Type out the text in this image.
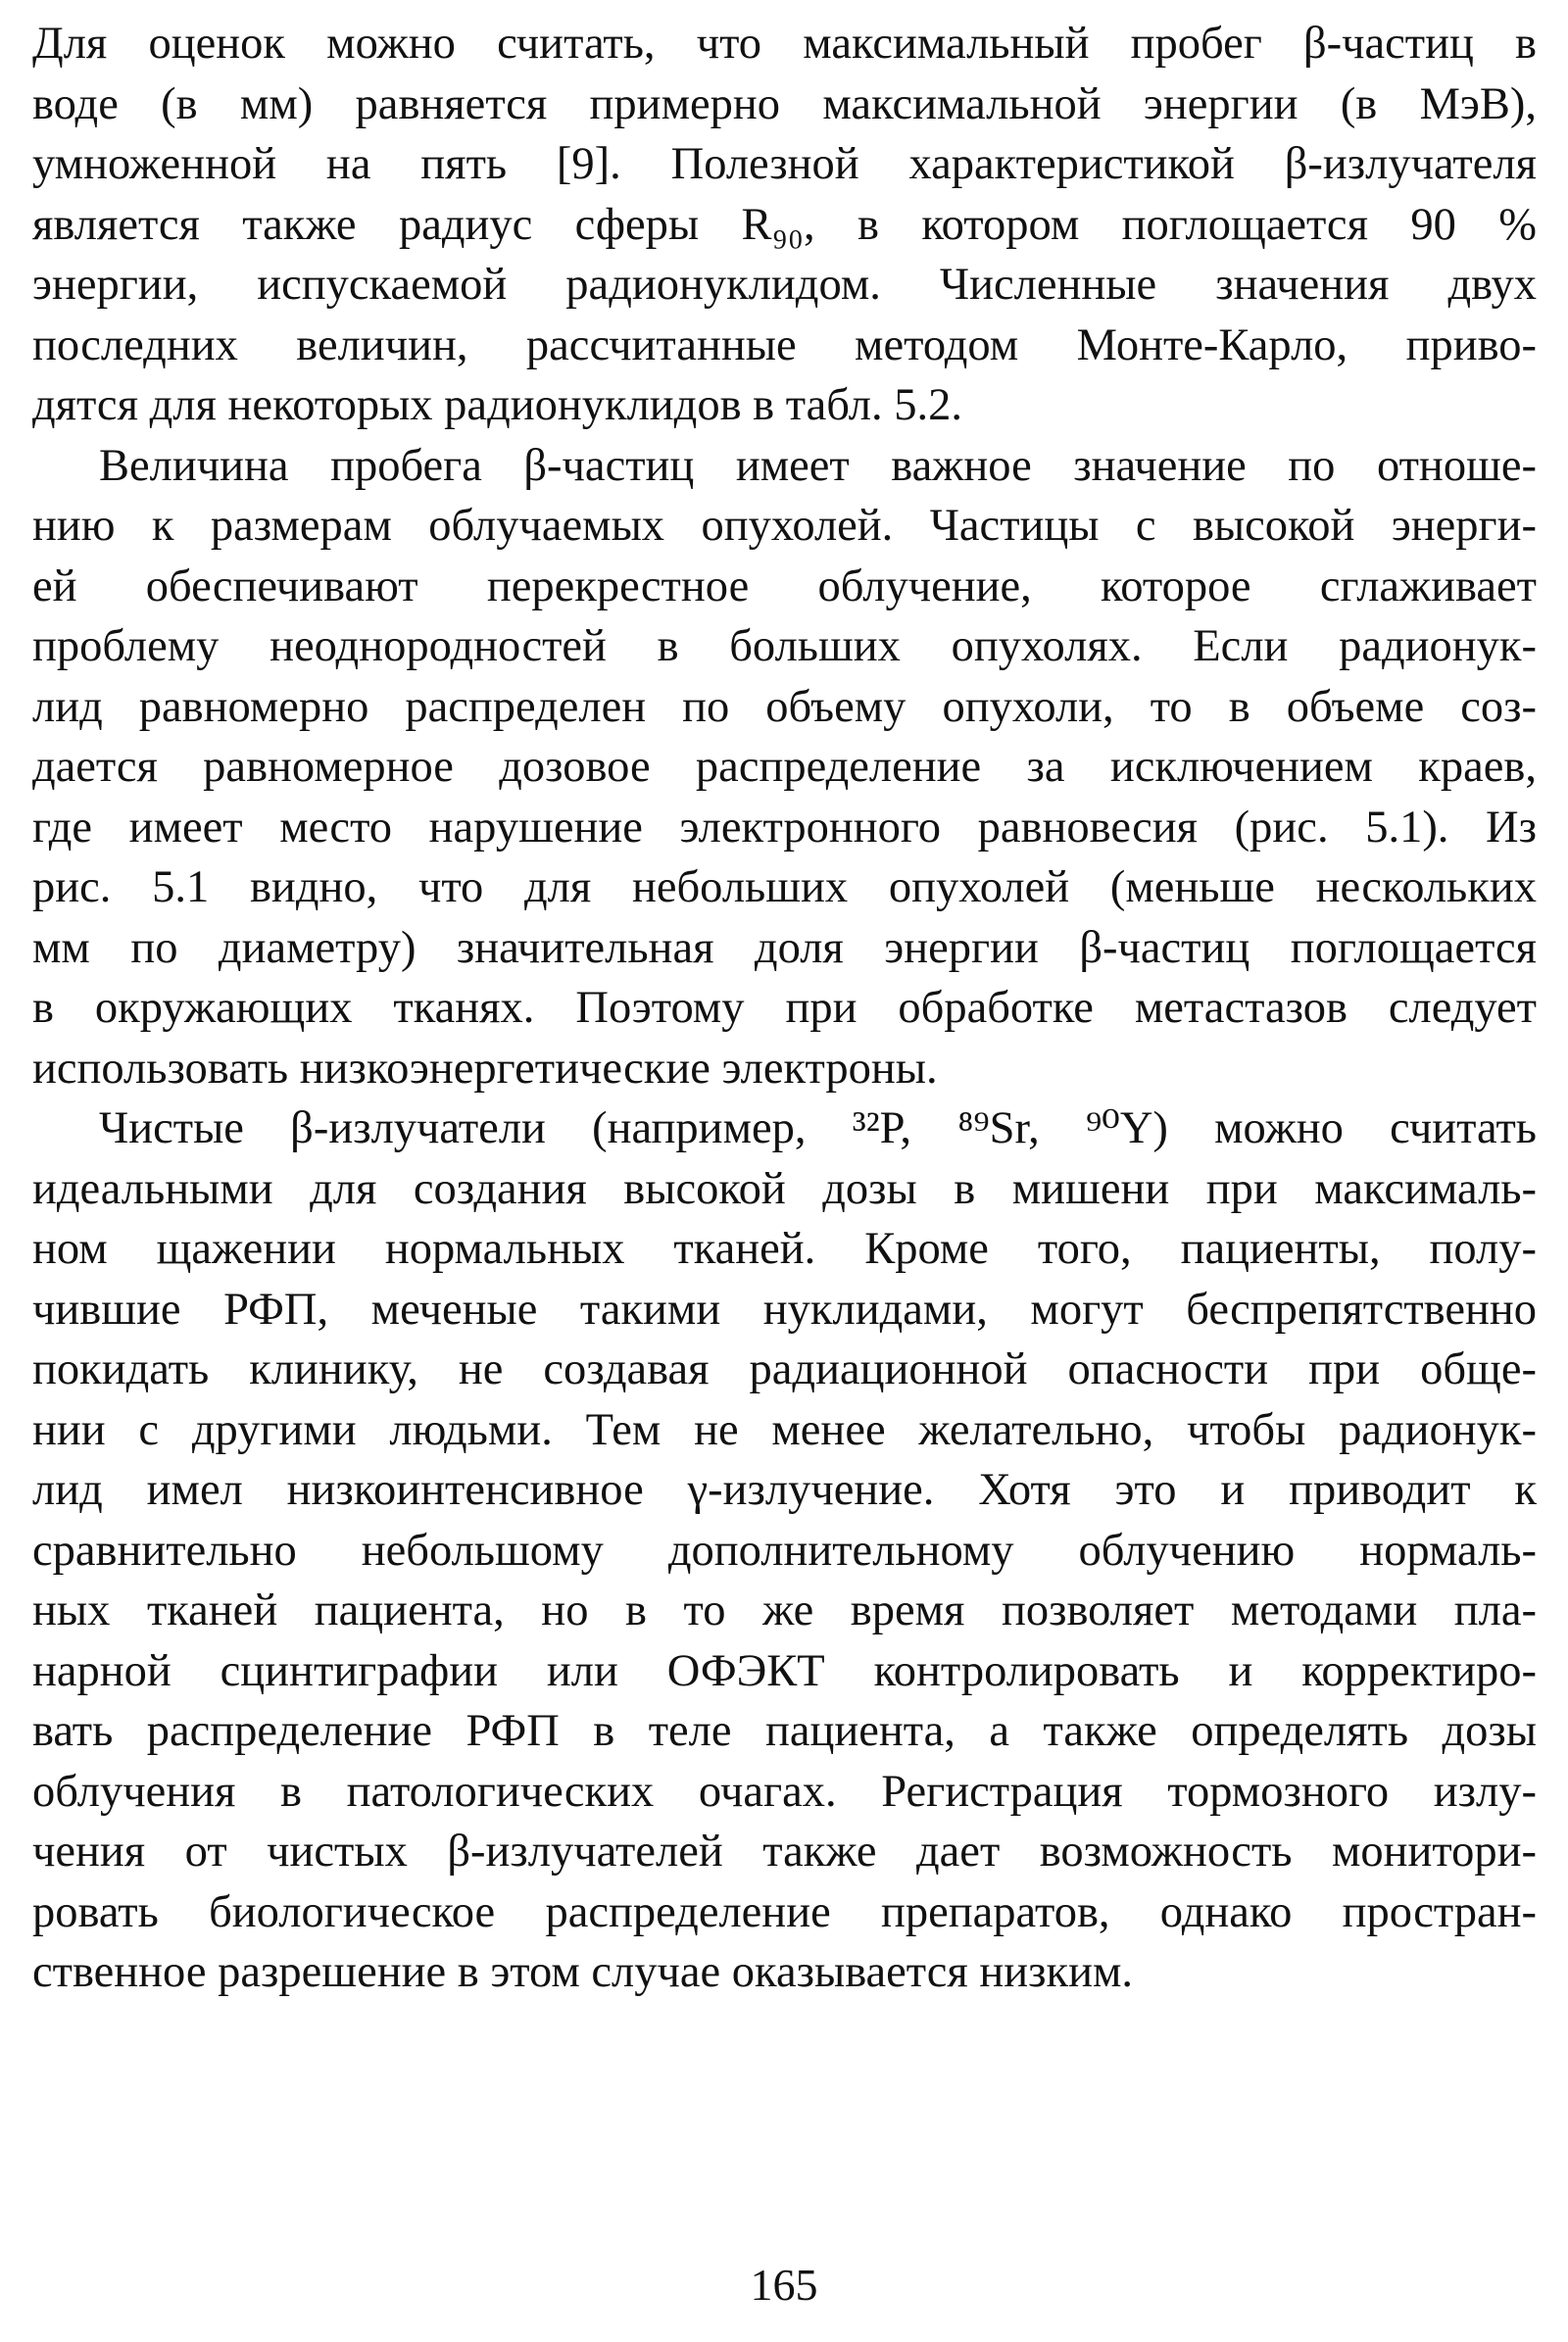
Для оценок можно считать, что максимальный пробег β-частиц в
воде (в мм) равняется примерно максимальной энергии (в МэВ),
умноженной на пять [9]. Полезной характеристикой β-излучателя
является также радиус сферы R₉₀, в котором поглощается 90 %
энергии, испускаемой радионуклидом. Численные значения двух
последних величин, рассчитанные методом Монте-Карло, приво-
дятся для некоторых радионуклидов в табл. 5.2.
Величина пробега β-частиц имеет важное значение по отноше-
нию к размерам облучаемых опухолей. Частицы с высокой энерги-
ей обеспечивают перекрестное облучение, которое сглаживает
проблему неоднородностей в больших опухолях. Если радионук-
лид равномерно распределен по объему опухоли, то в объеме соз-
дается равномерное дозовое распределение за исключением краев,
где имеет место нарушение электронного равновесия (рис. 5.1). Из
рис. 5.1 видно, что для небольших опухолей (меньше нескольких
мм по диаметру) значительная доля энергии β-частиц поглощается
в окружающих тканях. Поэтому при обработке метастазов следует
использовать низкоэнергетические электроны.
Чистые β-излучатели (например, ³²P, ⁸⁹Sr, ⁹⁰Y) можно считать
идеальными для создания высокой дозы в мишени при максималь-
ном щажении нормальных тканей. Кроме того, пациенты, полу-
чившие РФП, меченые такими нуклидами, могут беспрепятственно
покидать клинику, не создавая радиационной опасности при обще-
нии с другими людьми. Тем не менее желательно, чтобы радионук-
лид имел низкоинтенсивное γ-излучение. Хотя это и приводит к
сравнительно небольшому дополнительному облучению нормаль-
ных тканей пациента, но в то же время позволяет методами пла-
нарной сцинтиграфии или ОФЭКТ контролировать и корректиро-
вать распределение РФП в теле пациента, а также определять дозы
облучения в патологических очагах. Регистрация тормозного излу-
чения от чистых β-излучателей также дает возможность монитори-
ровать биологическое распределение препаратов, однако простран-
ственное разрешение в этом случае оказывается низким.
165
